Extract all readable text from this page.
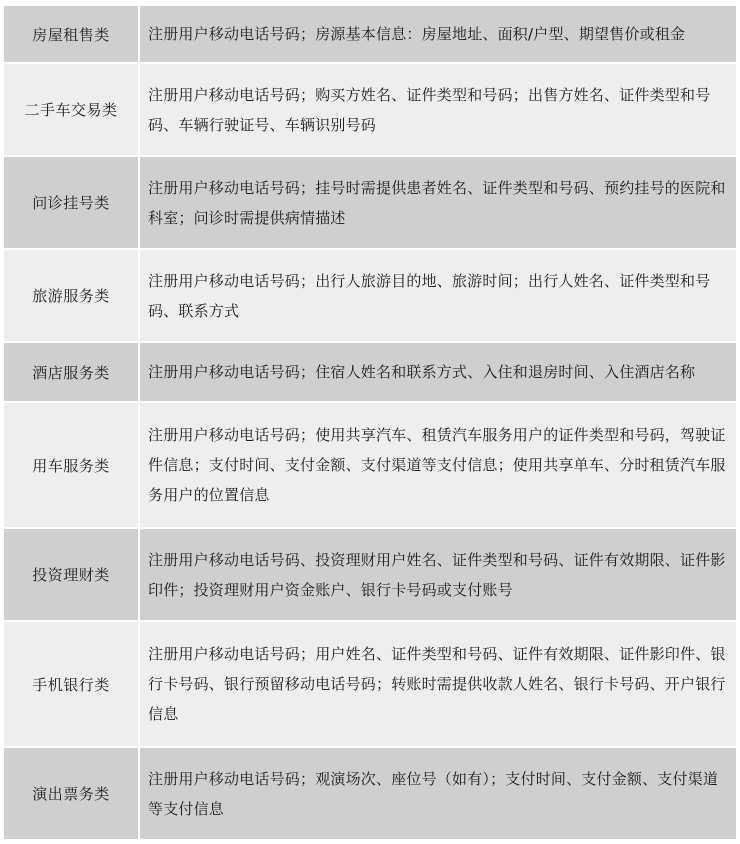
房屋租售类	注册用户移动电话号码；房源基本信息：房屋地址、面积/户型、期望售价或租金
二手车交易类	注册用户移动电话号码；购买方姓名、证件类型和号码；出售方姓名、证件类型和号码、车辆行驶证号、车辆识别号码
问诊挂号类	注册用户移动电话号码；挂号时需提供患者姓名、证件类型和号码、预约挂号的医院和科室；问诊时需提供病情描述
旅游服务类	注册用户移动电话号码；出行人旅游目的地、旅游时间；出行人姓名、证件类型和号码、联系方式
酒店服务类	注册用户移动电话号码；住宿人姓名和联系方式、入住和退房时间、入住酒店名称
用车服务类	注册用户移动电话号码；使用共享汽车、租赁汽车服务用户的证件类型和号码，驾驶证件信息；支付时间、支付金额、支付渠道等支付信息；使用共享单车、分时租赁汽车服务用户的位置信息
投资理财类	注册用户移动电话号码、投资理财用户姓名、证件类型和号码、证件有效期限、证件影印件；投资理财用户资金账户、银行卡号码或支付账号
手机银行类	注册用户移动电话号码；用户姓名、证件类型和号码、证件有效期限、证件影印件、银行卡号码、银行预留移动电话号码；转账时需提供收款人姓名、银行卡号码、开户银行信息
演出票务类	注册用户移动电话号码；观演场次、座位号（如有）；支付时间、支付金额、支付渠道等支付信息
